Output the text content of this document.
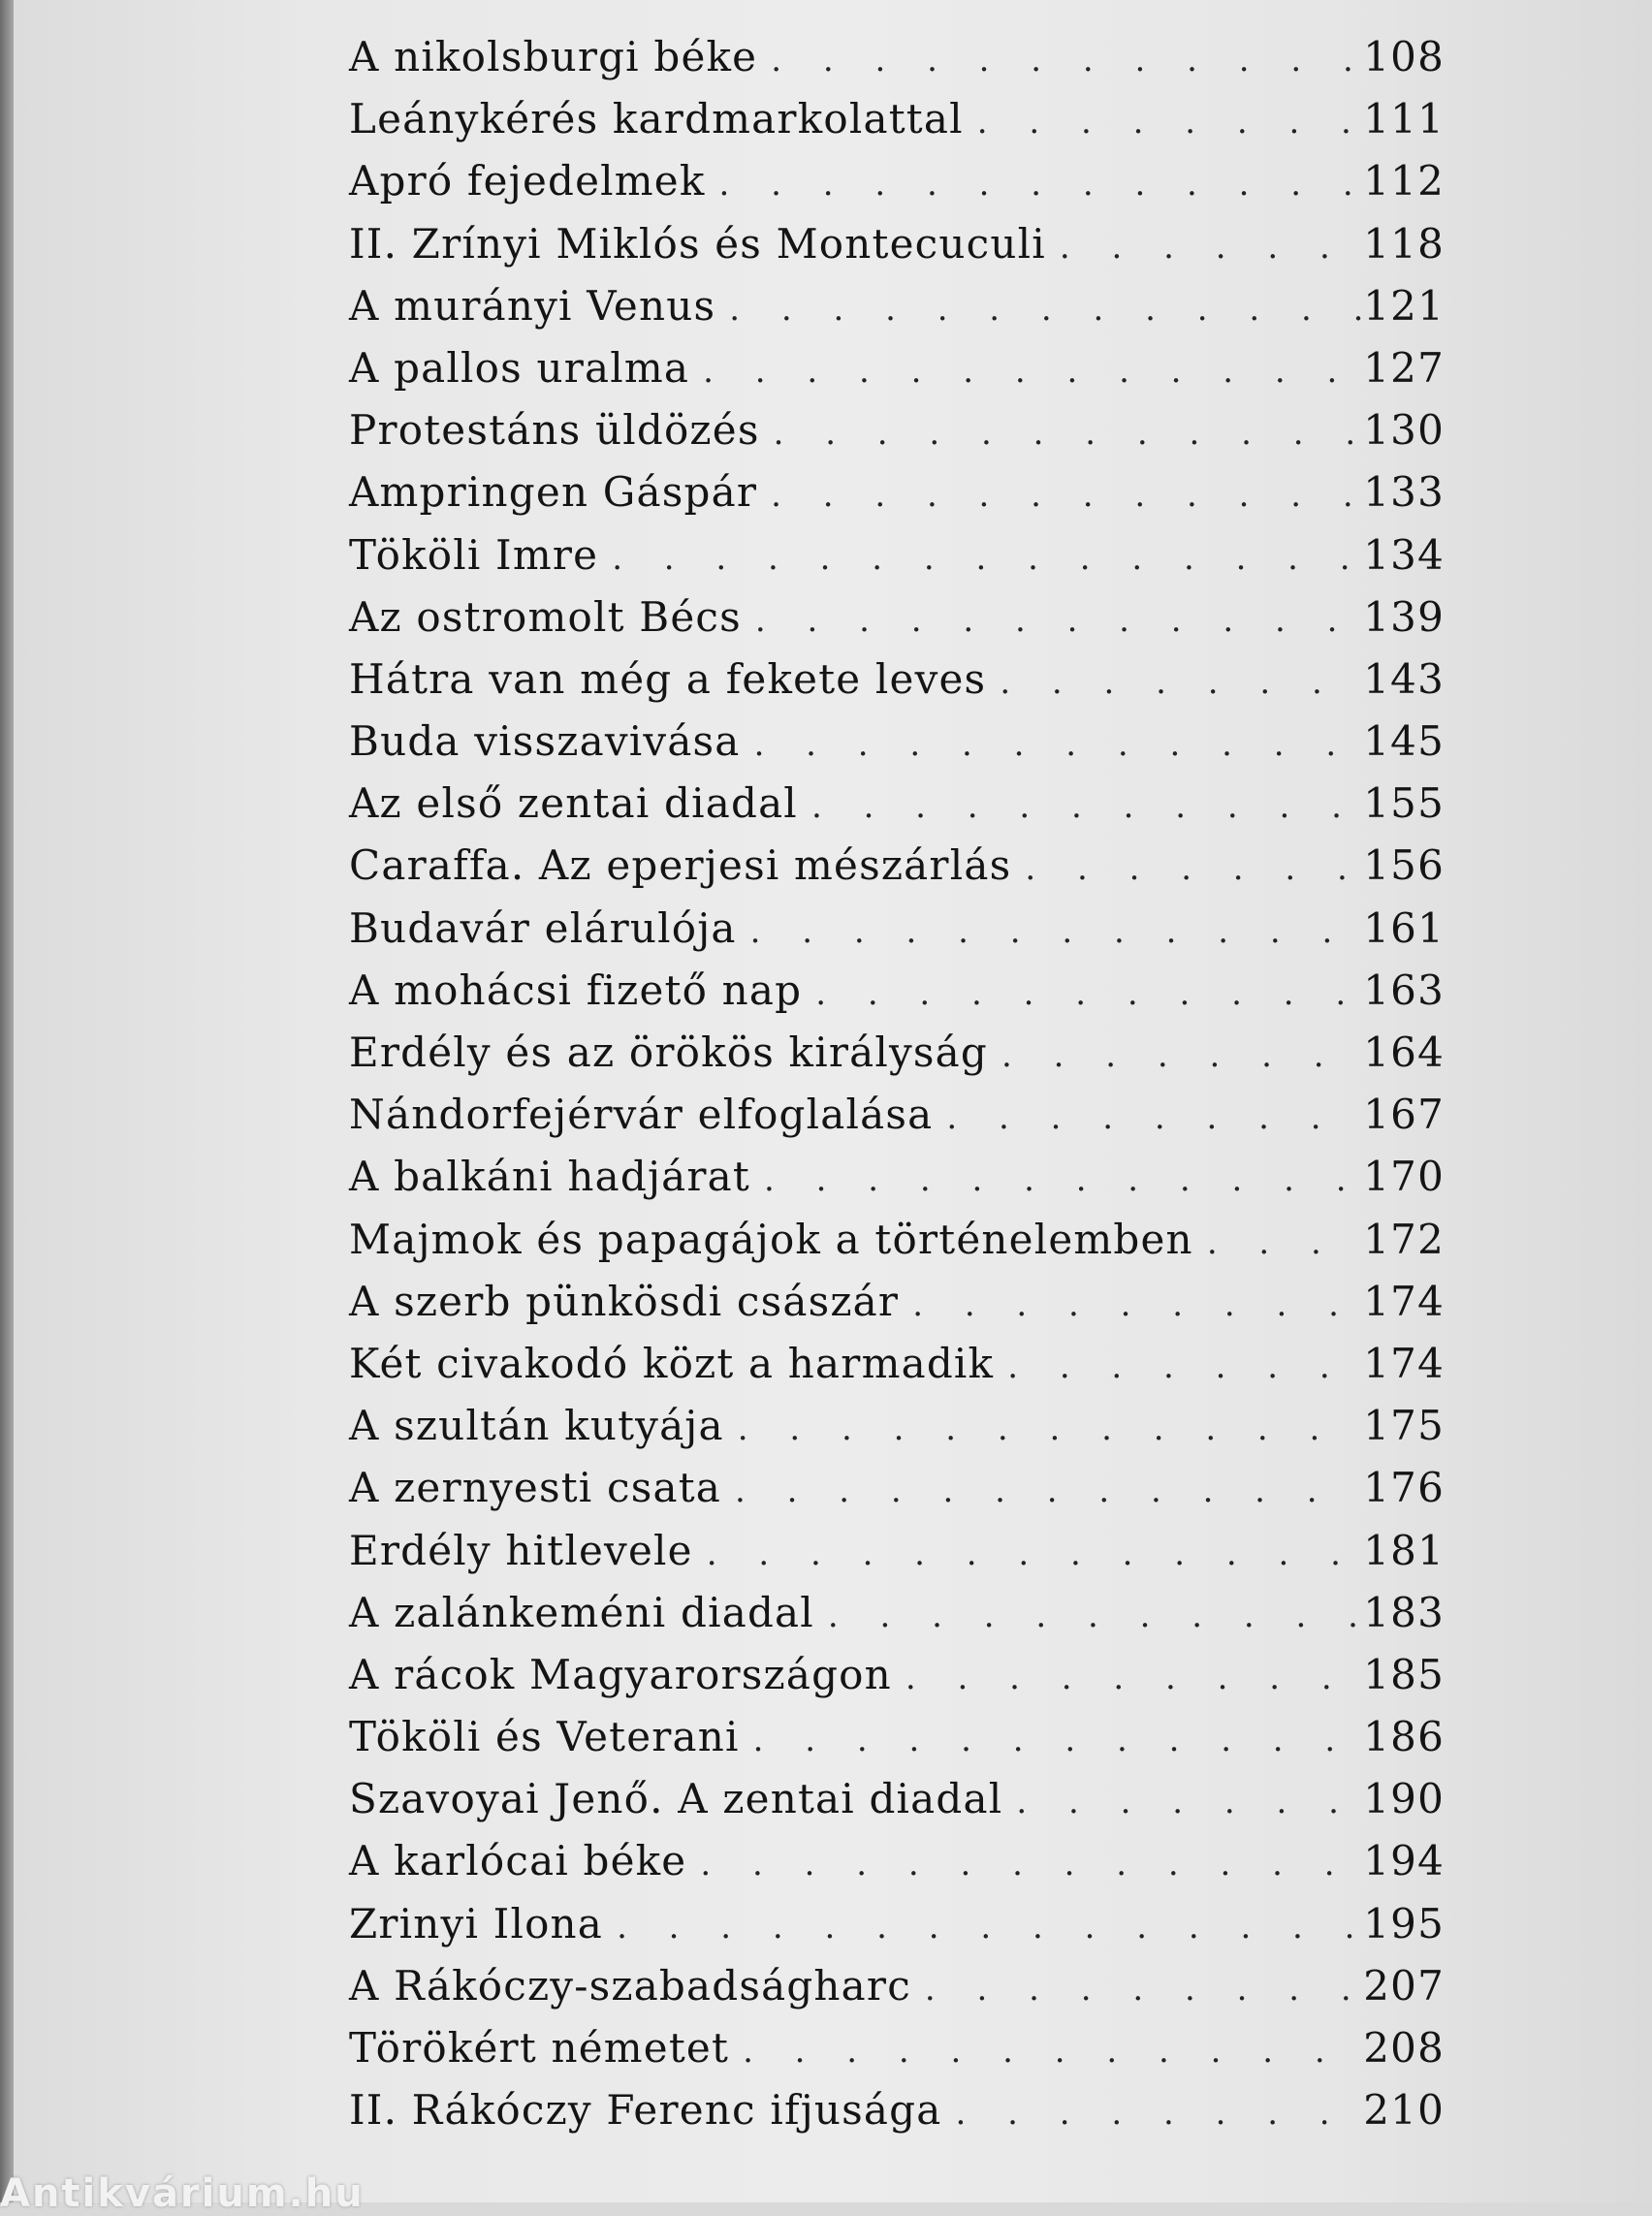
A nikolsburgi béke . . .	108
Leánykérés kardmarkolattal . . .	111
Apró fejedelmek . . .	112
II. Zrínyi Miklós és Montecuculi . . .	118
A murányi Venus . . .	121
A pallos uralma . . .	127
Protestáns üldözés . . .	130
Ampringen Gáspár . . .	133
Tököli Imre . . .	134
Az ostromolt Bécs . . .	139
Hátra van még a fekete leves . . .	143
Buda visszavivása . . .	145
Az első zentai diadal . . .	155
Caraffa. Az eperjesi mészárlás . . .	156
Budavár elárulója . . .	161
A mohácsi fizető nap . . .	163
Erdély és az örökös királyság . . .	164
Nándorfejérvár elfoglalása . . .	167
A balkáni hadjárat . . .	170
Majmok és papagájok a történelemben . . .	172
A szerb pünkösdi császár . . .	174
Két civakodó közt a harmadik . . .	174
A szultán kutyája . . .	175
A zernyesti csata . . .	176
Erdély hitlevele . . .	181
A zalánkeméni diadal . . .	183
A rácok Magyarországon . . .	185
Tököli és Veterani . . .	186
Szavoyai Jenő. A zentai diadal . . .	190
A karlócai béke . . .	194
Zrinyi Ilona . . .	195
A Rákóczy-szabadságharc . . .	207
Törökért németet . . .	208
II. Rákóczy Ferenc ifjusága . . .	210
Antikvárium.hu
